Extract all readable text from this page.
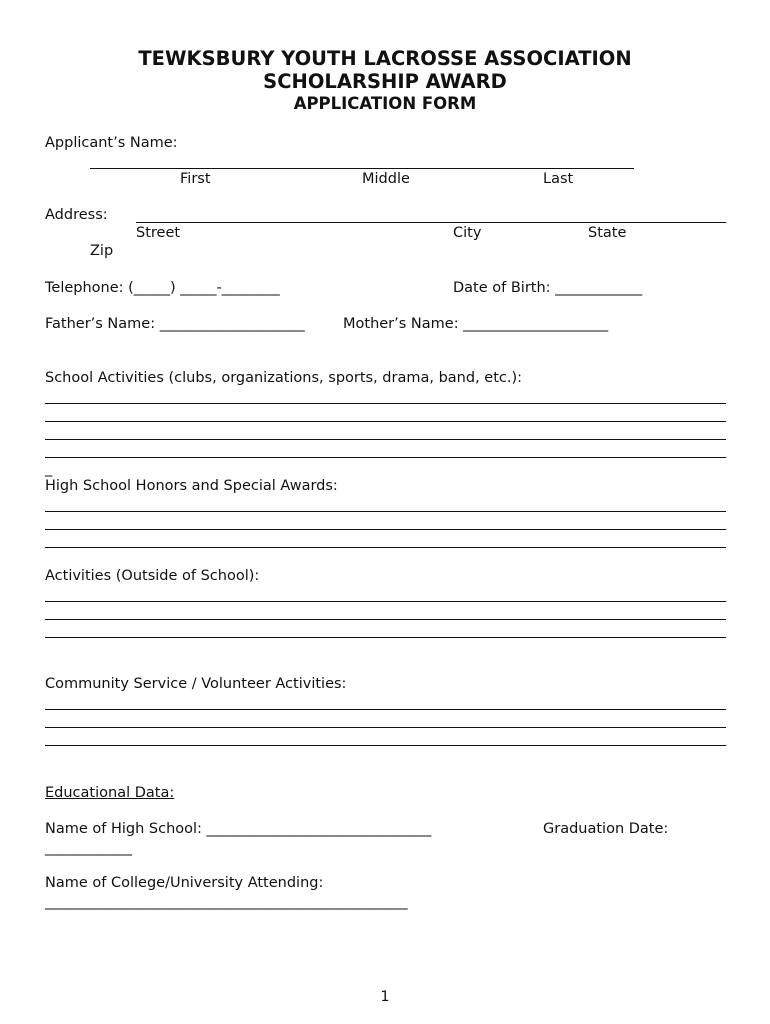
TEWKSBURY YOUTH LACROSSE ASSOCIATION
SCHOLARSHIP AWARD
APPLICATION FORM
Applicant’s Name:
First	Middle	Last
Address:
Street	City	State
Zip
Telephone: (_____) _____-________	Date of Birth: ____________
Father’s Name: ____________________	Mother’s Name: ____________________
School Activities (clubs, organizations, sports, drama, band, etc.):
_
High School Honors and Special Awards:
Activities (Outside of School):
Community Service / Volunteer Activities:
Educational Data:
Name of High School: _______________________________	Graduation Date:
____________
Name of College/University Attending:
__________________________________________________
1
